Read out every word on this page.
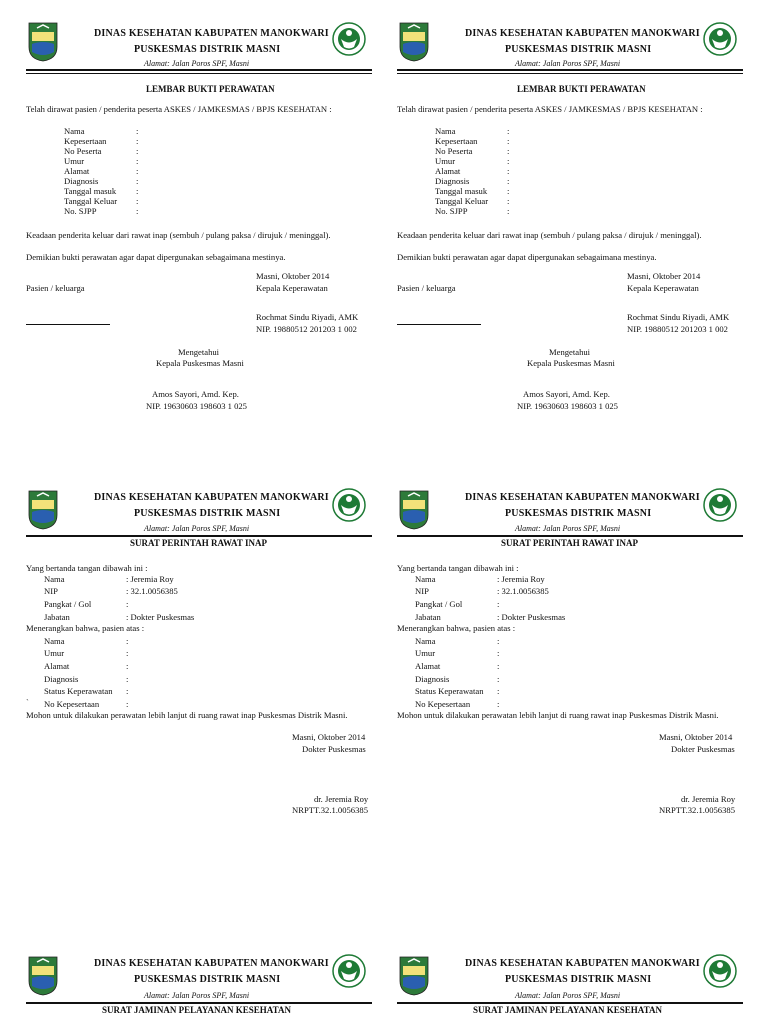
DINAS KESEHATAN KABUPATEN MANOKWARI
PUSKESMAS DISTRIK MASNI
Alamat: Jalan Poros SPF, Masni
LEMBAR BUKTI PERAWATAN
Telah dirawat pasien / penderita peserta ASKES / JAMKESMAS / BPJS KESEHATAN :
Nama	:
Kepesertaan	:
No Peserta	:
Umur	:
Alamat	:
Diagnosis	:
Tanggal masuk :
Tanggal Keluar :
No. SJPP	:
Keadaan penderita keluar dari rawat inap (sembuh / pulang paksa / dirujuk / meninggal).
Demikian bukti perawatan agar dapat dipergunakan sebagaimana mestinya.
Masni, Oktober 2014
Pasien / keluarga	Kepala Keperawatan
Rochmat Sindu Riyadi, AMK
NIP. 19880512 201203 1 002
Mengetahui
Kepala Puskesmas Masni
Amos Sayori, Amd. Kep.
NIP. 19630603 198603 1 025
DINAS KESEHATAN KABUPATEN MANOKWARI
PUSKESMAS DISTRIK MASNI
Alamat: Jalan Poros SPF, Masni
LEMBAR BUKTI PERAWATAN
Telah dirawat pasien / penderita peserta ASKES / JAMKESMAS / BPJS KESEHATAN :
Nama	:
Kepesertaan	:
No Peserta	:
Umur	:
Alamat	:
Diagnosis	:
Tanggal masuk :
Tanggal Keluar :
No. SJPP	:
Keadaan penderita keluar dari rawat inap (sembuh / pulang paksa / dirujuk / meninggal).
Demikian bukti perawatan agar dapat dipergunakan sebagaimana mestinya.
Masni, Oktober 2014
Pasien / keluarga	Kepala Keperawatan
Rochmat Sindu Riyadi, AMK
NIP. 19880512 201203 1 002
Mengetahui
Kepala Puskesmas Masni
Amos Sayori, Amd. Kep.
NIP. 19630603 198603 1 025
DINAS KESEHATAN KABUPATEN MANOKWARI
PUSKESMAS DISTRIK MASNI
Alamat: Jalan Poros SPF, Masni
SURAT PERINTAH RAWAT INAP
Yang bertanda tangan dibawah ini :
Nama	: Jeremia Roy
NIP	: 32.1.0056385
Pangkat / Gol	:
Jabatan	: Dokter Puskesmas
Menerangkan bahwa, pasien atas :
Nama	:
Umur	:
Alamat	:
Diagnosis	:
Status Keperawatan :
` No Kepesertaan	:
Mohon untuk dilakukan perawatan lebih lanjut di ruang rawat inap Puskesmas Distrik Masni.
Masni, Oktober 2014
Dokter Puskesmas
dr. Jeremia Roy
NRPTT.32.1.0056385
DINAS KESEHATAN KABUPATEN MANOKWARI
PUSKESMAS DISTRIK MASNI
Alamat: Jalan Poros SPF, Masni
SURAT PERINTAH RAWAT INAP
Yang bertanda tangan dibawah ini :
Nama	: Jeremia Roy
NIP	: 32.1.0056385
Pangkat / Gol	:
Jabatan	: Dokter Puskesmas
Menerangkan bahwa, pasien atas :
Nama	:
Umur	:
Alamat	:
Diagnosis	:
Status Keperawatan :
No Kepesertaan	:
Mohon untuk dilakukan perawatan lebih lanjut di ruang rawat inap Puskesmas Distrik Masni.
Masni, Oktober 2014
Dokter Puskesmas
dr. Jeremia Roy
NRPTT.32.1.0056385
DINAS KESEHATAN KABUPATEN MANOKWARI
PUSKESMAS DISTRIK MASNI
Alamat: Jalan Poros SPF, Masni
SURAT JAMINAN PELAYANAN KESEHATAN
DINAS KESEHATAN KABUPATEN MANOKWARI
PUSKESMAS DISTRIK MASNI
Alamat: Jalan Poros SPF, Masni
SURAT JAMINAN PELAYANAN KESEHATAN
